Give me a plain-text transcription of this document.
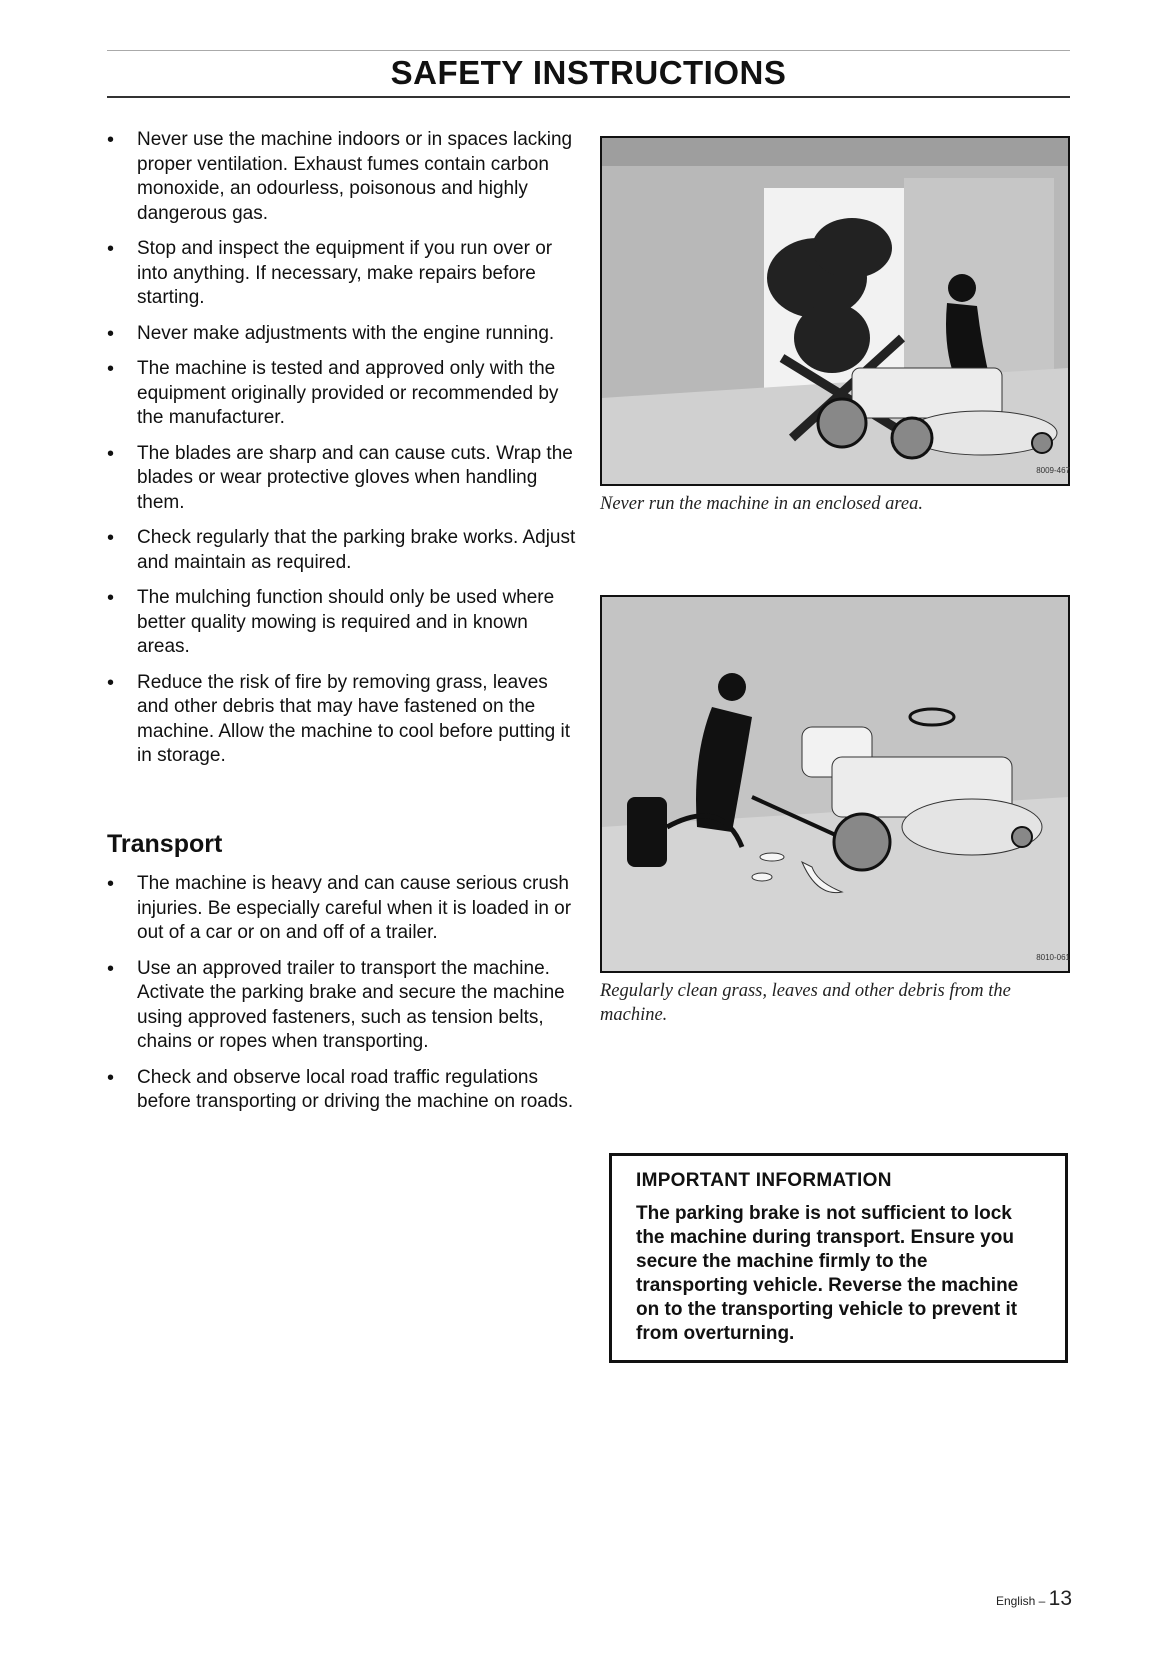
SAFETY INSTRUCTIONS
• Never use the machine indoors or in spaces lacking proper ventilation. Exhaust fumes contain carbon monoxide, an odourless, poisonous and highly dangerous gas.
• Stop and inspect the equipment if you run over or into anything. If necessary, make repairs before starting.
• Never make adjustments with the engine running.
• The machine is tested and approved only with the equipment originally provided or recommended by the manufacturer.
• The blades are sharp and can cause cuts. Wrap the blades or wear protective gloves when handling them.
• Check regularly that the parking brake works. Adjust and maintain as required.
• The mulching function should only be used where better quality mowing is required and in known areas.
• Reduce the risk of fire by removing grass, leaves and other debris that may have fastened on the machine. Allow the machine to cool before putting it in storage.
Transport
• The machine is heavy and can cause serious crush injuries. Be especially careful when it is loaded in or out of a car or on and off of a trailer.
• Use an approved trailer to transport the machine. Activate the parking brake and secure the machine using approved fasteners, such as tension belts, chains or ropes when transporting.
• Check and observe local road traffic regulations before transporting or driving the machine on roads.
8009-467
Never run the machine in an enclosed area.
8010-061
Regularly clean grass, leaves and other debris from the machine.

IMPORTANT INFORMATION

The parking brake is not sufficient to lock the machine during transport. Ensure you secure the machine firmly to the transporting vehicle. Reverse the machine on to the transporting vehicle to prevent it from overturning.

English – 13
